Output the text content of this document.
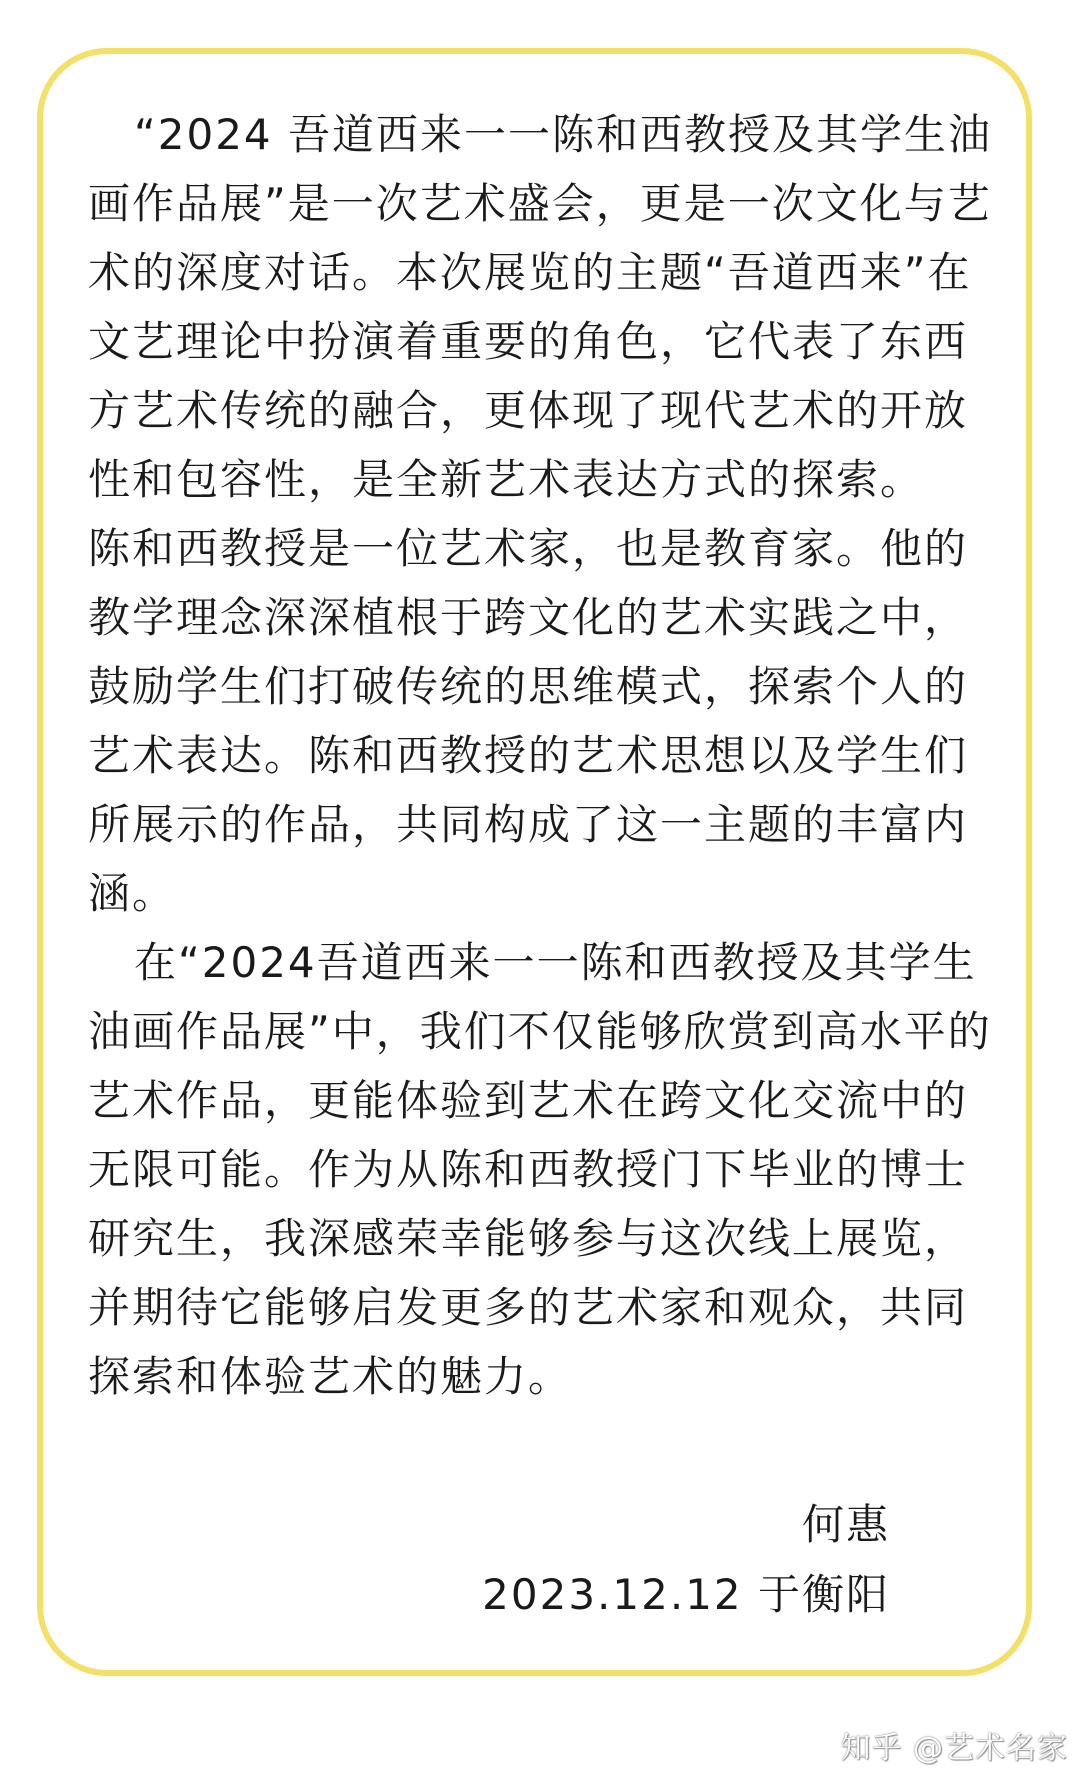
“2024 吾道西来一一陈和西教授及其学生油画作品展”是一次艺术盛会，更是一次文化与艺术的深度对话。本次展览的主题“吾道西来”在文艺理论中扮演着重要的角色，它代表了东西方艺术传统的融合，更体现了现代艺术的开放性和包容性，是全新艺术表达方式的探索。

陈和西教授是一位艺术家，也是教育家。他的教学理念深深植根于跨文化的艺术实践之中，鼓励学生们打破传统的思维模式，探索个人的艺术表达。陈和西教授的艺术思想以及学生们所展示的作品，共同构成了这一主题的丰富内涵。

在“2024吾道西来一一陈和西教授及其学生油画作品展”中，我们不仅能够欣赏到高水平的艺术作品，更能体验到艺术在跨文化交流中的无限可能。作为从陈和西教授门下毕业的博士研究生，我深感荣幸能够参与这次线上展览，并期待它能够启发更多的艺术家和观众，共同探索和体验艺术的魅力。

何惠
2023.12.12 于衡阳
知乎 @艺术名家
